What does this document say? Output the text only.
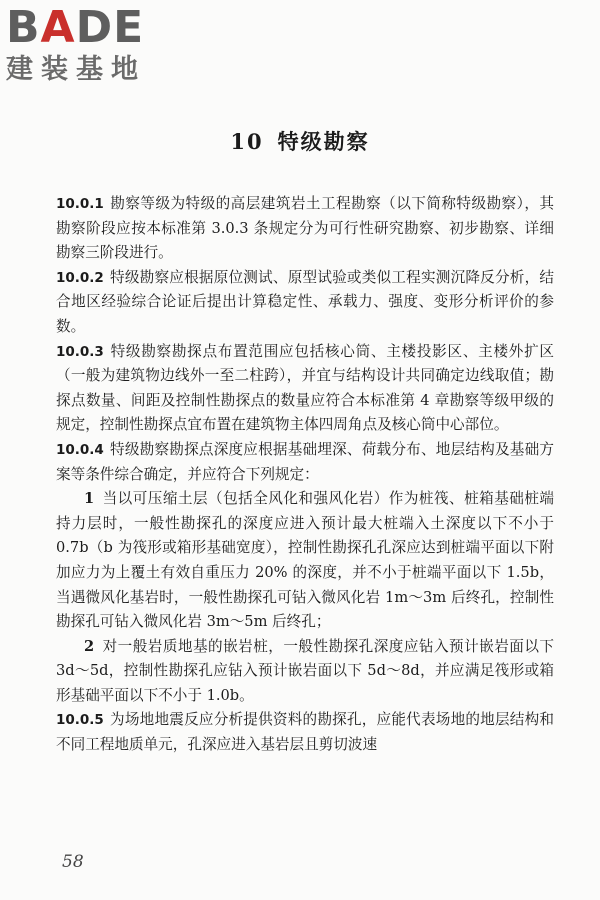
BADE
建装基地
10 特级勘察

10.0.1 勘察等级为特级的高层建筑岩土工程勘察（以下简称特级勘察），其勘察阶段应按本标准第 3.0.3 条规定分为可行性研究勘察、初步勘察、详细勘察三阶段进行。

10.0.2 特级勘察应根据原位测试、原型试验或类似工程实测沉降反分析，结合地区经验综合论证后提出计算稳定性、承载力、强度、变形分析评价的参数。

10.0.3 特级勘察勘探点布置范围应包括核心筒、主楼投影区、主楼外扩区（一般为建筑物边线外一至二柱跨），并宜与结构设计共同确定边线取值；勘探点数量、间距及控制性勘探点的数量应符合本标准第 4 章勘察等级甲级的规定，控制性勘探点宜布置在建筑物主体四周角点及核心筒中心部位。

10.0.4 特级勘察勘探点深度应根据基础埋深、荷载分布、地层结构及基础方案等条件综合确定，并应符合下列规定：

1 当以可压缩土层（包括全风化和强风化岩）作为桩筏、桩箱基础桩端持力层时，一般性勘探孔的深度应进入预计最大桩端入土深度以下不小于 0.7b（b 为筏形或箱形基础宽度），控制性勘探孔孔深应达到桩端平面以下附加应力为上覆土有效自重压力 20% 的深度，并不小于桩端平面以下 1.5b，当遇微风化基岩时，一般性勘探孔可钻入微风化岩 1m～3m 后终孔，控制性勘探孔可钻入微风化岩 3m～5m 后终孔；

2 对一般岩质地基的嵌岩桩，一般性勘探孔深度应钻入预计嵌岩面以下 3d～5d，控制性勘探孔应钻入预计嵌岩面以下 5d～8d，并应满足筏形或箱形基础平面以下不小于 1.0b。

10.0.5 为场地地震反应分析提供资料的勘探孔，应能代表场地的地层结构和不同工程地质单元，孔深应进入基岩层且剪切波速

58
